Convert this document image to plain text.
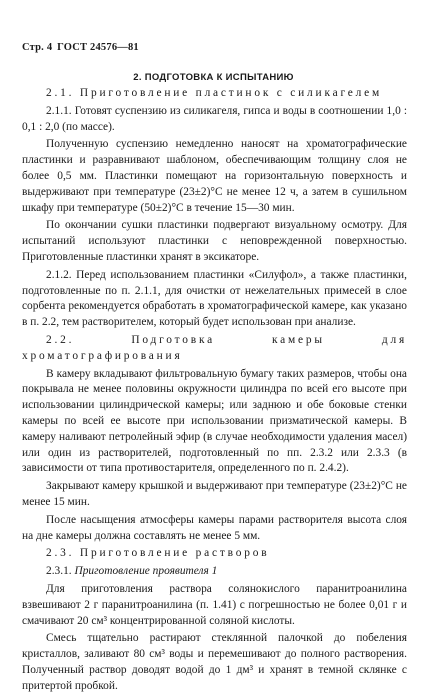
Стр. 4 ГОСТ 24576—81
2. ПОДГОТОВКА К ИСПЫТАНИЮ

2.1. Приготовление пластинок с силикагелем

2.1.1. Готовят суспензию из силикагеля, гипса и воды в соотношении 1,0 : 0,1 : 2,0 (по массе).

Полученную суспензию немедленно наносят на хроматографические пластинки и разравнивают шаблоном, обеспечивающим толщину слоя не более 0,5 мм. Пластинки помещают на горизонтальную поверхность и выдерживают при температуре (23±2)°С не менее 12 ч, а затем в сушильном шкафу при температуре (50±2)°С в течение 15—30 мин.

По окончании сушки пластинки подвергают визуальному осмотру. Для испытаний используют пластинки с неповрежденной поверхностью. Приготовленные пластинки хранят в эксикаторе.

2.1.2. Перед использованием пластинки «Силуфол», а также пластинки, подготовленные по п. 2.1.1, для очистки от нежелательных примесей в слое сорбента рекомендуется обработать в хроматографической камере, как указано в п. 2.2, тем растворителем, который будет использован при анализе.

2.2. Подготовка камеры для хроматографирования

В камеру вкладывают фильтровальную бумагу таких размеров, чтобы она покрывала не менее половины окружности цилиндра по всей его высоте при использовании цилиндрической камеры; или заднюю и обе боковые стенки камеры по всей ее высоте при использовании призматической камеры. В камеру наливают петролейный эфир (в случае необходимости удаления масел) или один из растворителей, подготовленный по пп. 2.3.2 или 2.3.3 (в зависимости от типа противостарителя, определенного по п. 2.4.2).

Закрывают камеру крышкой и выдерживают при температуре (23±2)°С не менее 15 мин.

После насыщения атмосферы камеры парами растворителя высота слоя на дне камеры должна составлять не менее 5 мм.

2.3. Приготовление растворов

2.3.1. Приготовление проявителя 1

Для приготовления раствора солянокислого паранитроанилина взвешивают 2 г паранитроанилина (п. 1.41) с погрешностью не более 0,01 г и смачивают 20 см³ концентрированной соляной кислоты.

Смесь тщательно растирают стеклянной палочкой до побеления кристаллов, заливают 80 см³ воды и перемешивают до полного растворения. Полученный раствор доводят водой до 1 дм³ и хранят в темной склянке с притертой пробкой.
